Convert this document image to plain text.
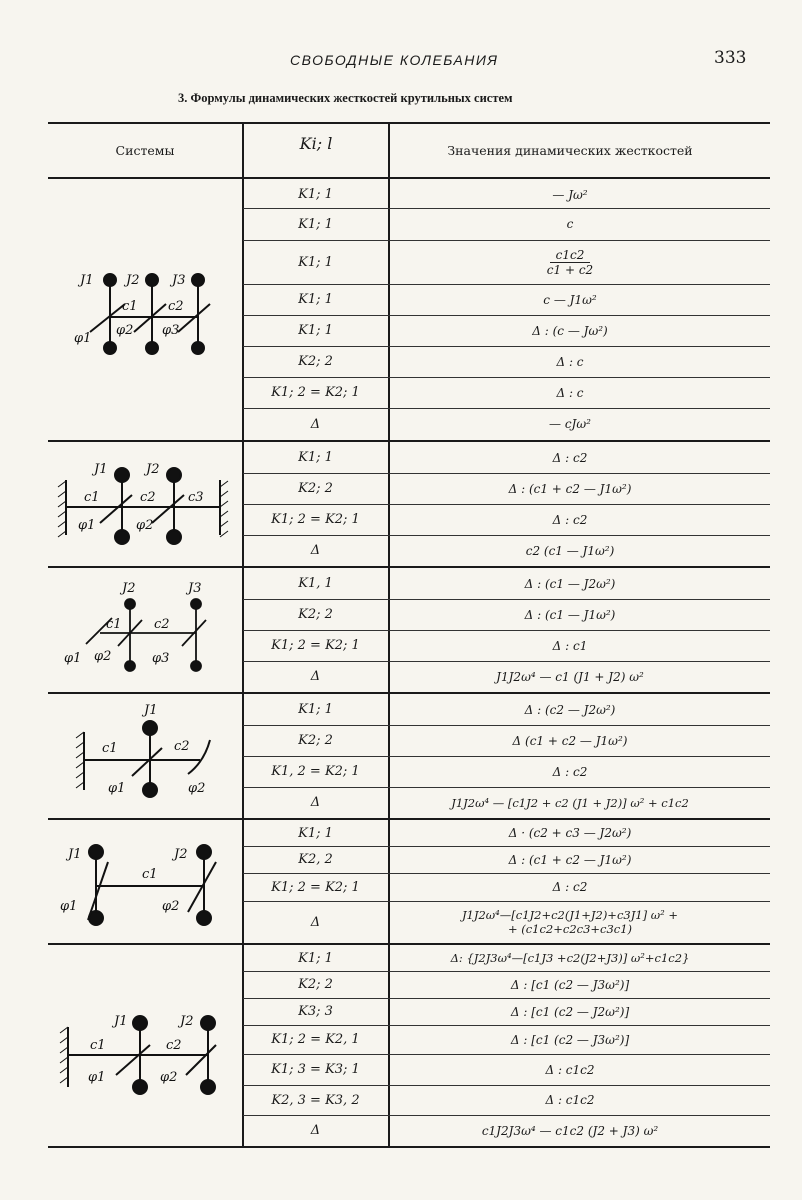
СВОБОДНЫЕ КОЛЕБАНИЯ	333
3. Формулы динамических жесткостей крутильных систем
Системы	Ki; l	Значения динамических жесткостей
K1; 1	— Jω²
K1; 1	c
K1; 1	$\frac{c1c2}{c1 + c2}$
K1; 1	c — J1ω²
K1; 1	Δ : (c — Jω²)
K2; 2	Δ : c
K1; 2 = K2; 1	Δ : c
Δ	— cJω²
J1	J2	J3
c1 c2
φ1
φ2 φ3
K1; 1	Δ : c2
K2; 2	Δ : (c1 + c2 — J1ω²)
K1; 2 = K2; 1	Δ : c2
Δ	c2 (c1 — J1ω²)
J1	J2
c1	c2 c3
φ1	φ2
K1, 1	Δ : (c1 — J2ω²)
K2; 2	Δ : (c1 — J1ω²)
K1; 2 = K2; 1	Δ : c1
Δ	J1J2ω⁴ — c1 (J1 + J2) ω²
J2	J3
c1 c2
φ1 φ2	φ3
K1; 1	Δ : (c2 — J2ω²)
K2; 2	Δ (c1 + c2 — J1ω²)
K1, 2 = K2; 1	Δ : c2
Δ	J1J2ω⁴ — [c1J2 + c2 (J1 + J2)] ω² + c1c2
J1
c1	c2
φ1	φ2
K1; 1	Δ · (c2 + c3 — J2ω²)
K2, 2	Δ : (c1 + c2 — J1ω²)
K1; 2 = K2; 1	Δ : c2
Δ	J1J2ω⁴—[c1J2+c2(J1+J2)+c3J1] ω² +
+ (c1c2+c2c3+c3c1)
J1	J2
c1
φ1	φ2
K1; 1	Δ: {J2J3ω⁴—[c1J3 +c2(J2+J3)] ω²+c1c2}
K2; 2	Δ : [c1 (c2 — J3ω²)]
K3; 3	Δ : [c1 (c2 — J2ω²)]
K1; 2 = K2, 1	Δ : [c1 (c2 — J3ω²)]
K1; 3 = K3; 1	Δ : c1c2
K2, 3 = K3, 2	Δ : c1c2
Δ	c1J2J3ω⁴ — c1c2 (J2 + J3) ω²
J1	J2
c1	c2
φ1	φ2
